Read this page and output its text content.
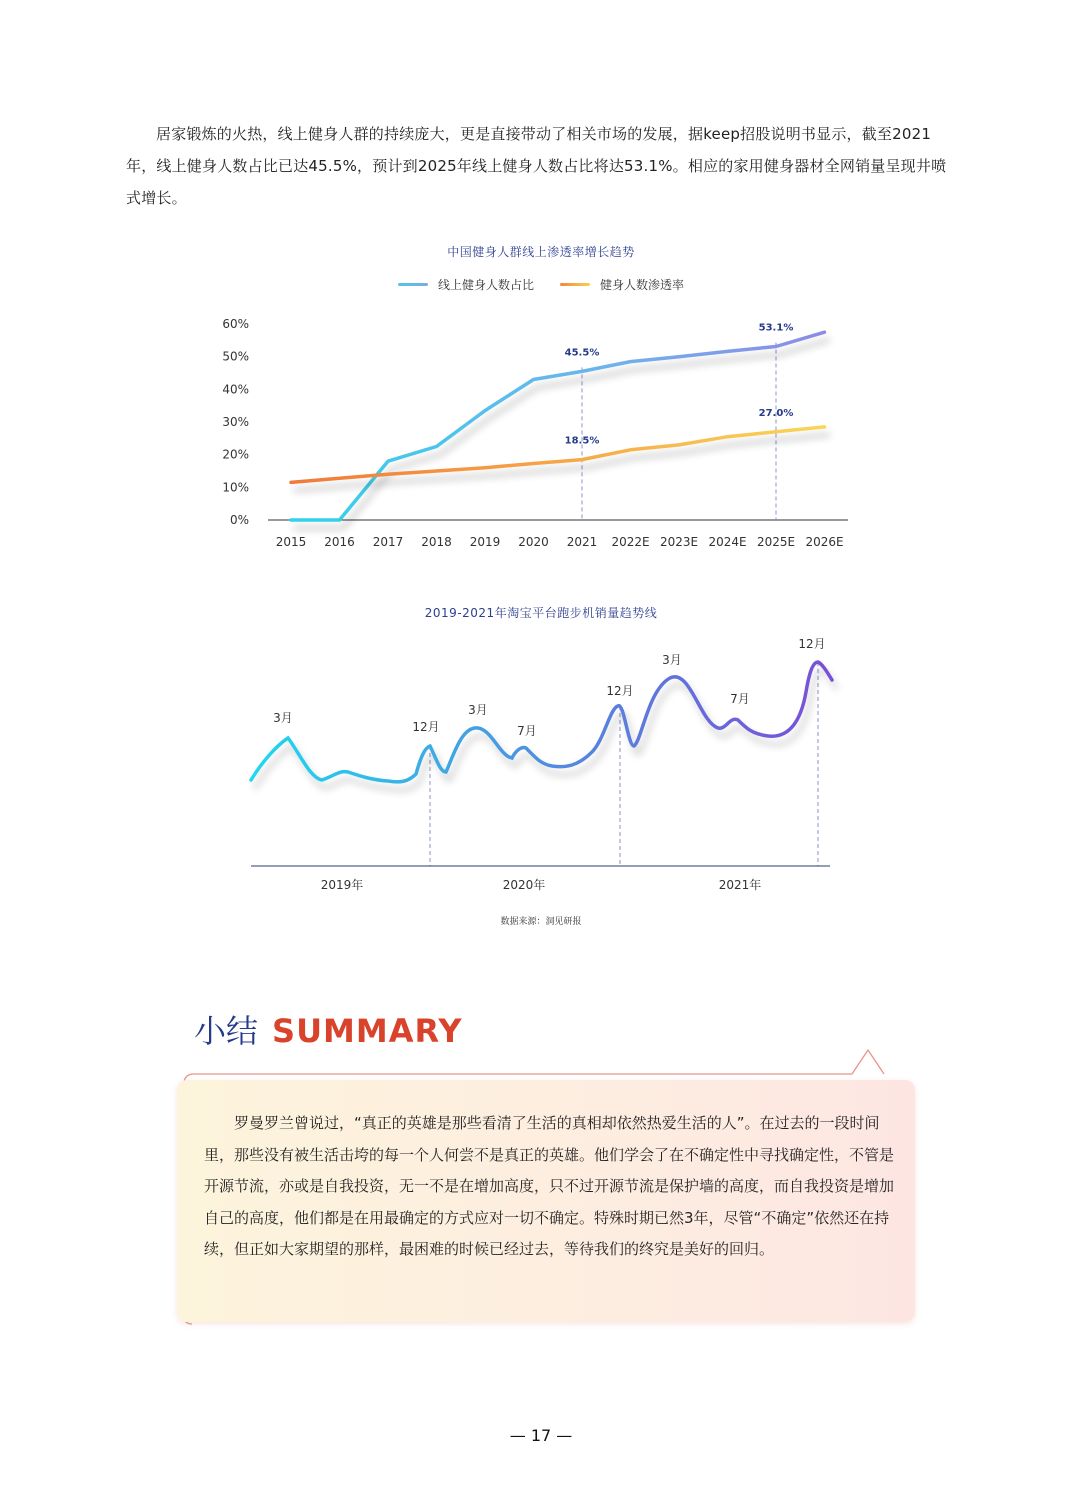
居家锻炼的火热，线上健身人群的持续庞大，更是直接带动了相关市场的发展，据keep招股说明书显示，截至2021年，线上健身人数占比已达45.5%，预计到2025年线上健身人数占比将达53.1%。相应的家用健身器材全网销量呈现井喷式增长。

中国健身人群线上渗透率增长趋势
线上健身人数占比	健身人数渗透率
60%
50%
40%
30%
20%
10%
0%
2015 2016 2017 2018 2019 2020 2021 2022E 2023E 2024E 2025E 2026E
45.5%
18.5%
53.1%
27.0%
2019-2021年淘宝平台跑步机销量趋势线
3月
12月
3月
7月
12月
3月
7月
12月
2019年	2020年	2021年
数据来源：洞见研报
小结 SUMMARY

罗曼罗兰曾说过，“真正的英雄是那些看清了生活的真相却依然热爱生活的人”。在过去的一段时间里，那些没有被生活击垮的每一个人何尝不是真正的英雄。他们学会了在不确定性中寻找确定性，不管是开源节流，亦或是自我投资，无一不是在增加高度，只不过开源节流是保护墙的高度，而自我投资是增加自己的高度，他们都是在用最确定的方式应对一切不确定。特殊时期已然3年，尽管“不确定”依然还在持续，但正如大家期望的那样，最困难的时候已经过去，等待我们的终究是美好的回归。

— 17 —
